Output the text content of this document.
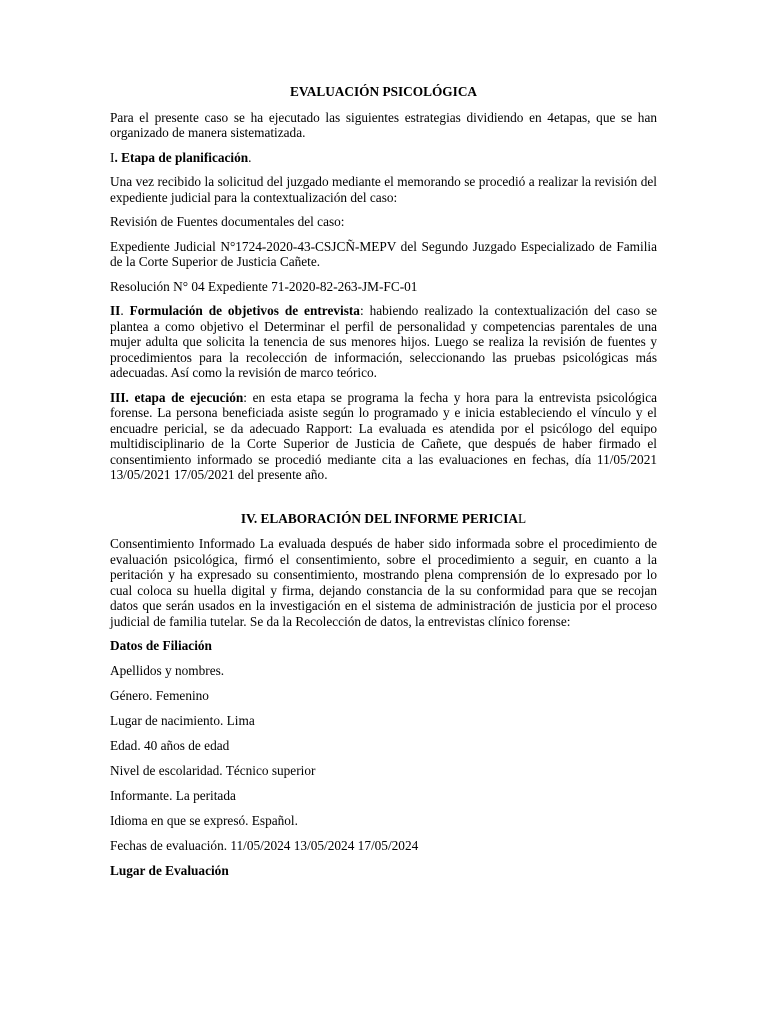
EVALUACIÓN PSICOLÓGICA

Para el presente caso se ha ejecutado las siguientes estrategias dividiendo en 4etapas, que se han organizado de manera sistematizada.

I. Etapa de planificación.

Una vez recibido la solicitud del juzgado mediante el memorando se procedió a realizar la revisión del expediente judicial para la contextualización del caso:

Revisión de Fuentes documentales del caso:

Expediente Judicial N°1724-2020-43-CSJCÑ-MEPV del Segundo Juzgado Especializado de Familia de la Corte Superior de Justicia Cañete.

Resolución N° 04 Expediente 71-2020-82-263-JM-FC-01

II. Formulación de objetivos de entrevista: habiendo realizado la contextualización del caso se plantea a como objetivo el Determinar el perfil de personalidad y competencias parentales de una mujer adulta que solicita la tenencia de sus menores hijos. Luego se realiza la revisión de fuentes y procedimientos para la recolección de información, seleccionando las pruebas psicológicas más adecuadas. Así como la revisión de marco teórico.

III. etapa de ejecución: en esta etapa se programa la fecha y hora para la entrevista psicológica forense. La persona beneficiada asiste según lo programado y e inicia estableciendo el vínculo y el encuadre pericial, se da adecuado Rapport: La evaluada es atendida por el psicólogo del equipo multidisciplinario de la Corte Superior de Justicia de Cañete, que después de haber firmado el consentimiento informado se procedió mediante cita a las evaluaciones en fechas, día 11/05/2021 13/05/2021 17/05/2021 del presente año.

IV. ELABORACIÓN DEL INFORME PERICIAL

Consentimiento Informado La evaluada después de haber sido informada sobre el procedimiento de evaluación psicológica, firmó el consentimiento, sobre el procedimiento a seguir, en cuanto a la peritación y ha expresado su consentimiento, mostrando plena comprensión de lo expresado por lo cual coloca su huella digital y firma, dejando constancia de la su conformidad para que se recojan datos que serán usados en la investigación en el sistema de administración de justicia por el proceso judicial de familia tutelar. Se da la Recolección de datos, la entrevistas clínico forense:

Datos de Filiación

Apellidos y nombres.

Género. Femenino

Lugar de nacimiento. Lima

Edad. 40 años de edad

Nivel de escolaridad. Técnico superior

Informante. La peritada

Idioma en que se expresó. Español.

Fechas de evaluación. 11/05/2024 13/05/2024 17/05/2024

Lugar de Evaluación
